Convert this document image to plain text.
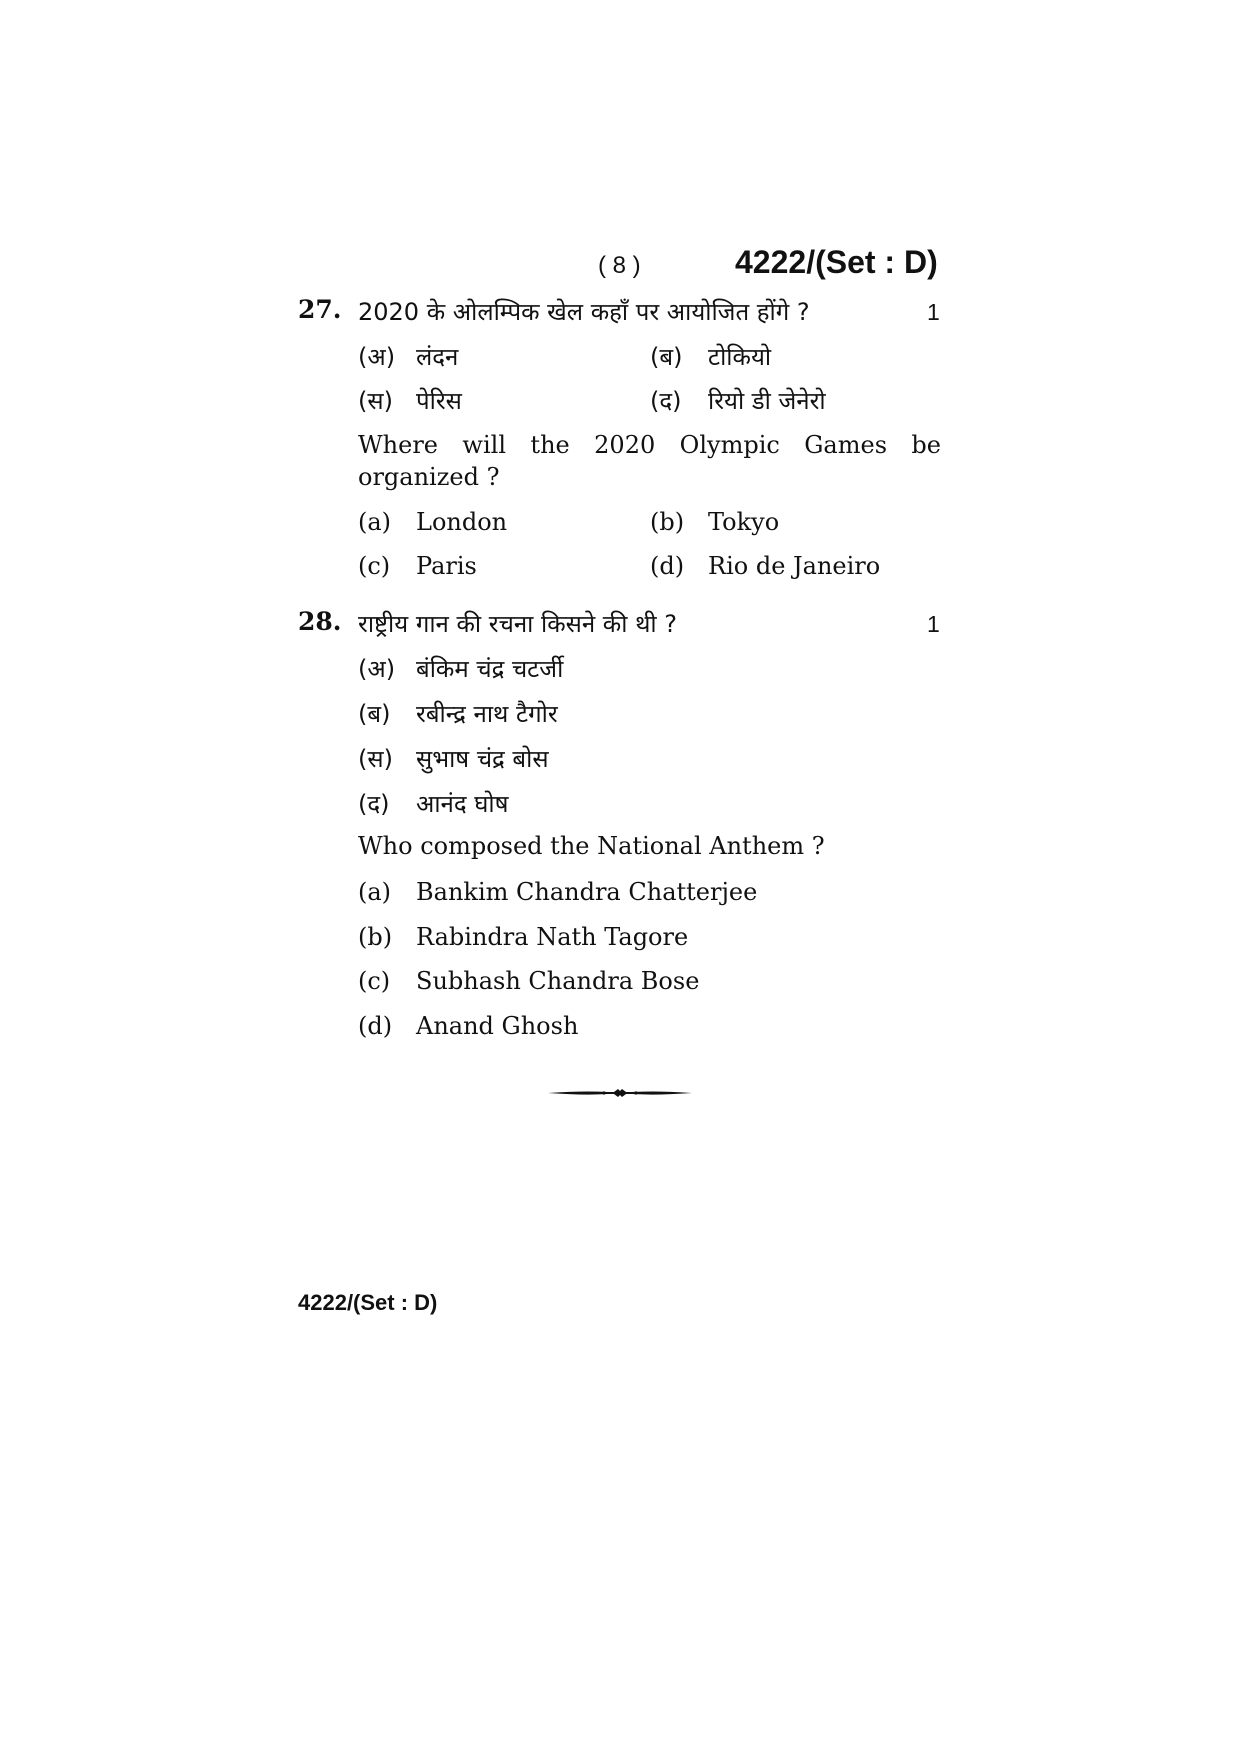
( 8 )	4222/(Set : D)
27. 2020 के ओलम्पिक खेल कहाँ पर आयोजित होंगे ?	1
(अ) लंदन	(ब) टोकियो
(स) पेरिस	(द) रियो डी जेनेरो
Where will the 2020 Olympic Games be
organized ?
(a) London	(b) Tokyo
(c) Paris	(d) Rio de Janeiro
28. राष्ट्रीय गान की रचना किसने की थी ?	1
(अ) बंकिम चंद्र चटर्जी
(ब) रबीन्द्र नाथ टैगोर
(स) सुभाष चंद्र बोस
(द) आनंद घोष
Who composed the National Anthem ?
(a) Bankim Chandra Chatterjee
(b) Rabindra Nath Tagore
(c) Subhash Chandra Bose
(d) Anand Ghosh
4222/(Set : D)
